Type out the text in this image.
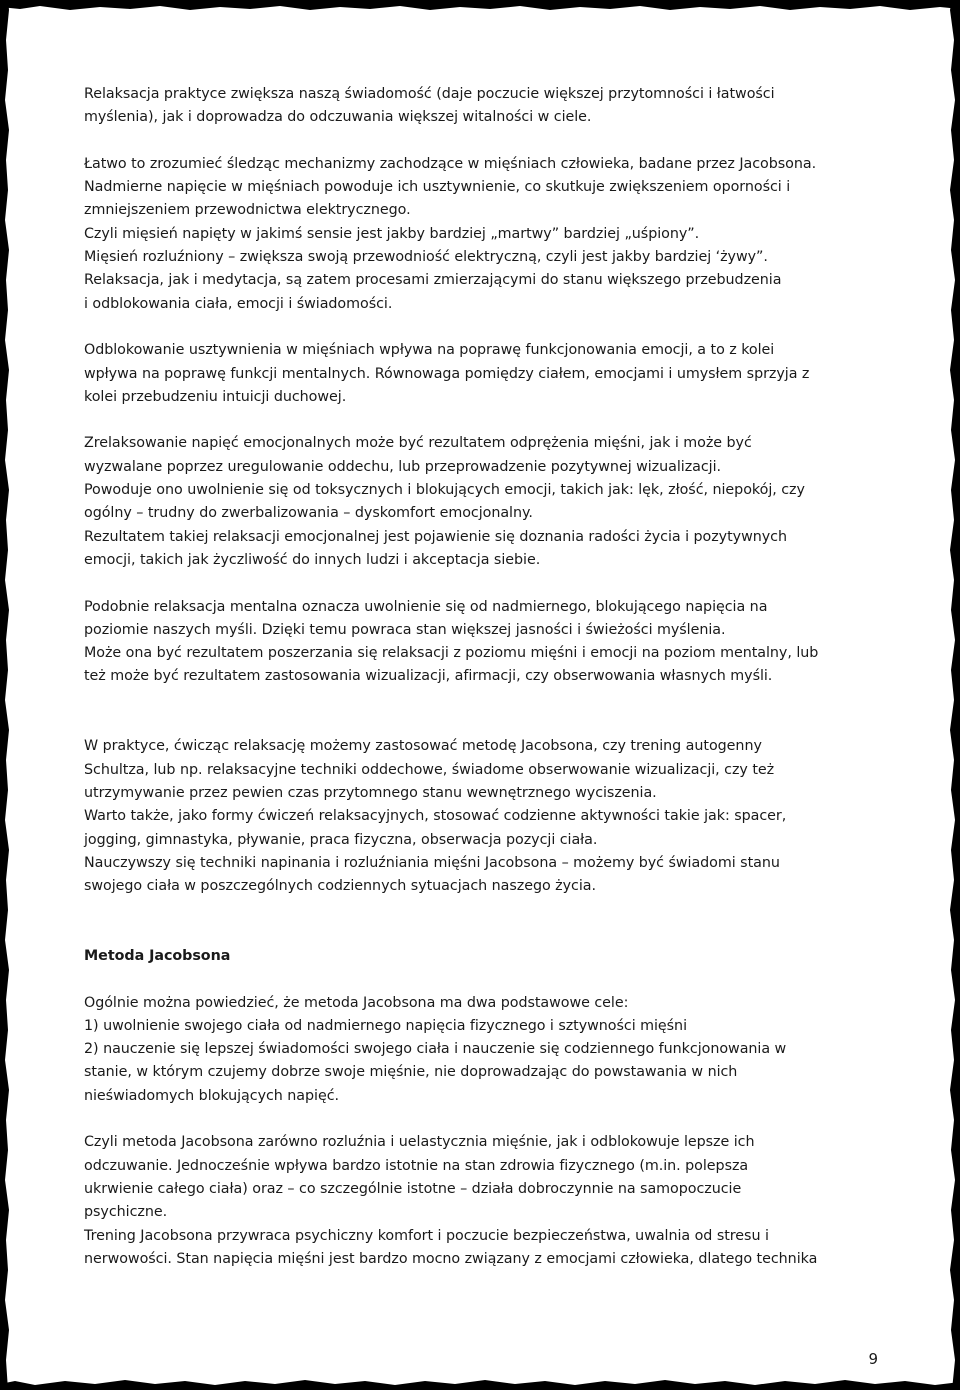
Relaksacja praktyce zwiększa naszą świadomość (daje poczucie większej przytomności i łatwości
myślenia), jak i doprowadza do odczuwania większej witalności w ciele.

Łatwo to zrozumieć śledząc mechanizmy zachodzące w mięśniach człowieka, badane przez Jacobsona.
Nadmierne napięcie w mięśniach powoduje ich usztywnienie, co skutkuje zwiększeniem oporności i
zmniejszeniem przewodnictwa elektrycznego.
Czyli mięsień napięty w jakimś sensie jest jakby bardziej „martwy” bardziej „uśpiony”.
Mięsień rozluźniony – zwiększa swoją przewodniość elektryczną, czyli jest jakby bardziej ‘żywy”.
Relaksacja, jak i medytacja, są zatem procesami zmierzającymi do stanu większego przebudzenia
i odblokowania ciała, emocji i świadomości.

Odblokowanie usztywnienia w mięśniach wpływa na poprawę funkcjonowania emocji, a to z kolei
wpływa na poprawę funkcji mentalnych. Równowaga pomiędzy ciałem, emocjami i umysłem sprzyja z
kolei przebudzeniu intuicji duchowej.

Zrelaksowanie napięć emocjonalnych może być rezultatem odprężenia mięśni, jak i może być
wyzwalane poprzez uregulowanie oddechu, lub przeprowadzenie pozytywnej wizualizacji.
Powoduje ono uwolnienie się od toksycznych i blokujących emocji, takich jak: lęk, złość, niepokój, czy
ogólny – trudny do zwerbalizowania – dyskomfort emocjonalny.
Rezultatem takiej relaksacji emocjonalnej jest pojawienie się doznania radości życia i pozytywnych
emocji, takich jak życzliwość do innych ludzi i akceptacja siebie.

Podobnie relaksacja mentalna oznacza uwolnienie się od nadmiernego, blokującego napięcia na
poziomie naszych myśli. Dzięki temu powraca stan większej jasności i świeżości myślenia.
Może ona być rezultatem poszerzania się relaksacji z poziomu mięśni i emocji na poziom mentalny, lub
też może być rezultatem zastosowania wizualizacji, afirmacji, czy obserwowania własnych myśli.

W praktyce, ćwicząc relaksację możemy zastosować metodę Jacobsona, czy trening autogenny
Schultza, lub np. relaksacyjne techniki oddechowe, świadome obserwowanie wizualizacji, czy też
utrzymywanie przez pewien czas przytomnego stanu wewnętrznego wyciszenia.
Warto także, jako formy ćwiczeń relaksacyjnych, stosować codzienne aktywności takie jak: spacer,
jogging, gimnastyka, pływanie, praca fizyczna, obserwacja pozycji ciała.
Nauczywszy się techniki napinania i rozluźniania mięśni Jacobsona – możemy być świadomi stanu
swojego ciała w poszczególnych codziennych sytuacjach naszego życia.

Metoda Jacobsona

Ogólnie można powiedzieć, że metoda Jacobsona ma dwa podstawowe cele:
1) uwolnienie swojego ciała od nadmiernego napięcia fizycznego i sztywności mięśni
2) nauczenie się lepszej świadomości swojego ciała i nauczenie się codziennego funkcjonowania w
stanie, w którym czujemy dobrze swoje mięśnie, nie doprowadzając do powstawania w nich
nieświadomych blokujących napięć.

Czyli metoda Jacobsona zarówno rozluźnia i uelastycznia mięśnie, jak i odblokowuje lepsze ich
odczuwanie. Jednocześnie wpływa bardzo istotnie na stan zdrowia fizycznego (m.in. polepsza
ukrwienie całego ciała) oraz – co szczególnie istotne – działa dobroczynnie na samopoczucie
psychiczne.
Trening Jacobsona przywraca psychiczny komfort i poczucie bezpieczeństwa, uwalnia od stresu i
nerwowości. Stan napięcia mięśni jest bardzo mocno związany z emocjami człowieka, dlatego technika

9
